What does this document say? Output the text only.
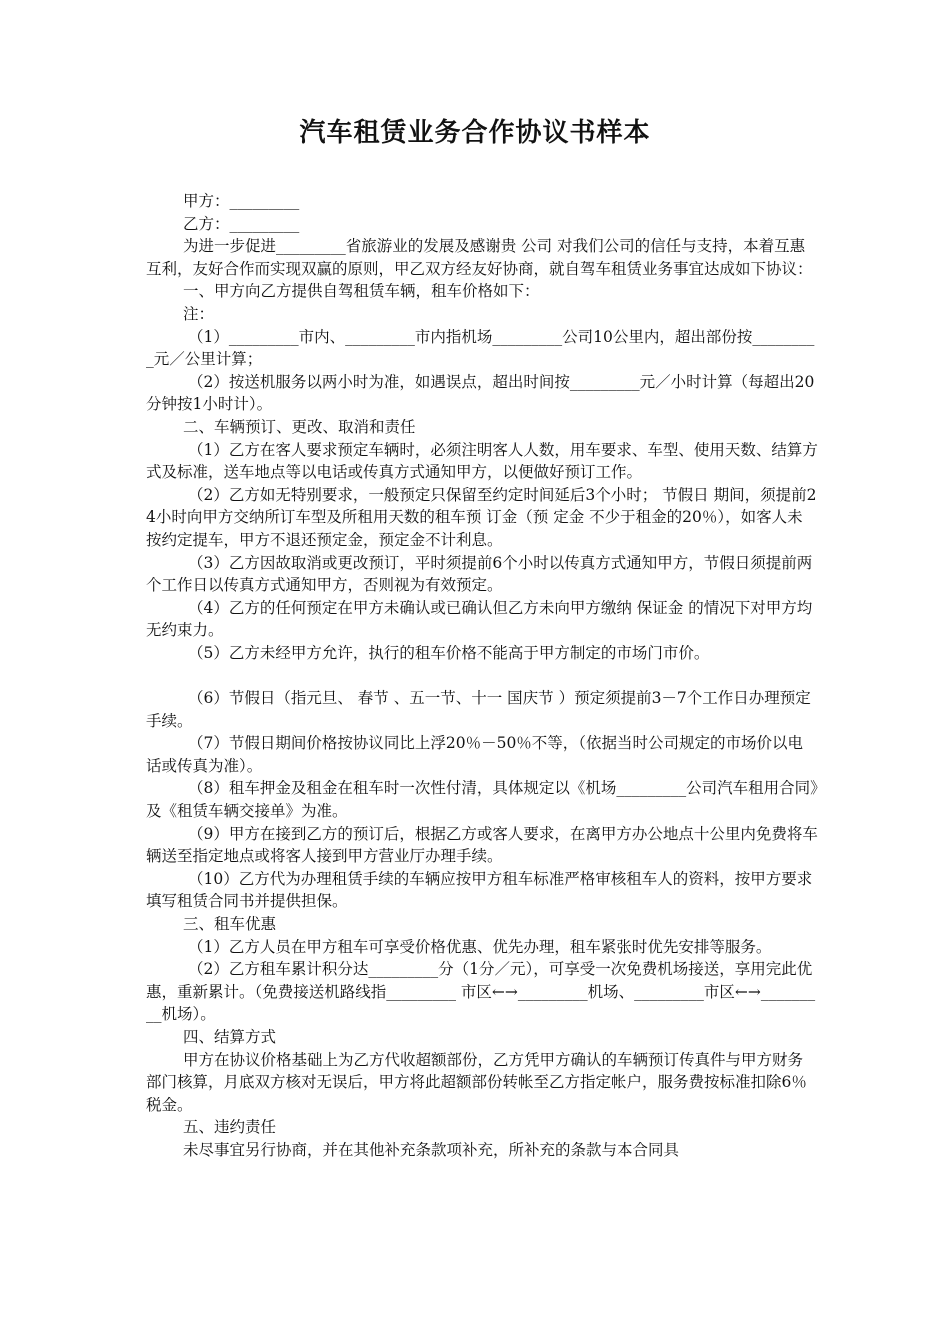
汽车租赁业务合作协议书样本

甲方：_________

乙方：_________

为进一步促进_________省旅游业的发展及感谢贵 公司 对我们公司的信任与支持，本着互惠互利，友好合作而实现双赢的原则，甲乙双方经友好协商，就自驾车租赁业务事宜达成如下协议：

一、甲方向乙方提供自驾租赁车辆，租车价格如下：

注：

（1）_________市内、_________市内指机场_________公司10公里内，超出部份按_________元／公里计算；

（2）按送机服务以两小时为准，如遇误点，超出时间按_________元／小时计算（每超出20分钟按1小时计）。

二、车辆预订、更改、取消和责任

（1）乙方在客人要求预定车辆时，必须注明客人人数，用车要求、车型、使用天数、结算方式及标准，送车地点等以电话或传真方式通知甲方，以便做好预订工作。

（2）乙方如无特别要求，一般预定只保留至约定时间延后3个小时； 节假日 期间，须提前24小时向甲方交纳所订车型及所租用天数的租车预 订金（预 定金 不少于租金的20％），如客人未按约定提车，甲方不退还预定金，预定金不计利息。

（3）乙方因故取消或更改预订，平时须提前6个小时以传真方式通知甲方，节假日须提前两个工作日以传真方式通知甲方，否则视为有效预定。

（4）乙方的任何预定在甲方未确认或已确认但乙方未向甲方缴纳 保证金 的情况下对甲方均无约束力。

（5）乙方未经甲方允许，执行的租车价格不能高于甲方制定的市场门市价。

（6）节假日（指元旦、 春节 、五一节、十一 国庆节 ）预定须提前3－7个工作日办理预定手续。

（7）节假日期间价格按协议同比上浮20％－50％不等，（依据当时公司规定的市场价以电话或传真为准）。

（8）租车押金及租金在租车时一次性付清，具体规定以《机场_________公司汽车租用合同》及《租赁车辆交接单》为准。

（9）甲方在接到乙方的预订后，根据乙方或客人要求，在离甲方办公地点十公里内免费将车辆送至指定地点或将客人接到甲方营业厅办理手续。

（10）乙方代为办理租赁手续的车辆应按甲方租车标准严格审核租车人的资料，按甲方要求填写租赁合同书并提供担保。

三、租车优惠

（1）乙方人员在甲方租车可享受价格优惠、优先办理，租车紧张时优先安排等服务。

（2）乙方租车累计积分达_________分（1分／元），可享受一次免费机场接送，享用完此优惠，重新累计。（免费接送机路线指_________ 市区←→_________机场、_________市区←→_________机场）。

四、结算方式

甲方在协议价格基础上为乙方代收超额部份，乙方凭甲方确认的车辆预订传真件与甲方财务部门核算，月底双方核对无误后，甲方将此超额部份转帐至乙方指定帐户，服务费按标准扣除6％税金。

五、违约责任

未尽事宜另行协商，并在其他补充条款项补充，所补充的条款与本合同具
